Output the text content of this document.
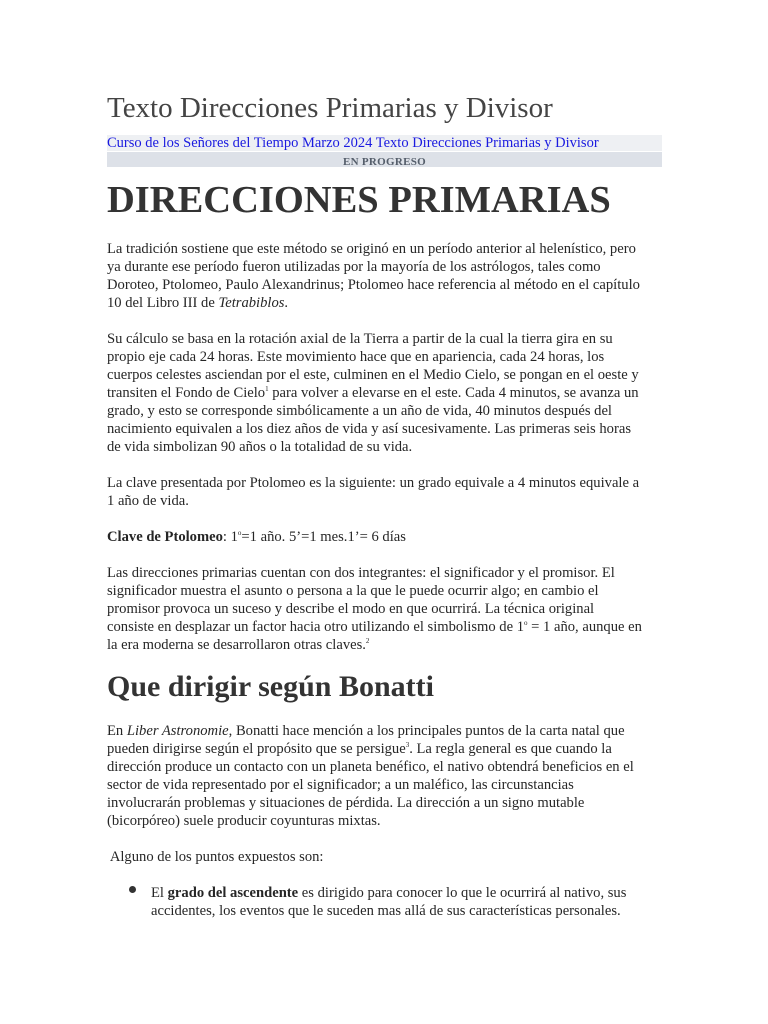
Texto Direcciones Primarias y Divisor
Curso de los Señores del Tiempo Marzo 2024 Texto Direcciones Primarias y Divisor
EN PROGRESO
DIRECCIONES PRIMARIAS
La tradición sostiene que este método se originó en un período anterior al helenístico, pero
ya durante ese período fueron utilizadas por la mayoría de los astrólogos, tales como
Doroteo, Ptolomeo, Paulo Alexandrinus; Ptolomeo hace referencia al método en el capítulo
10 del Libro III de Tetrabiblos.
Su cálculo se basa en la rotación axial de la Tierra a partir de la cual la tierra gira en su
propio eje cada 24 horas. Este movimiento hace que en apariencia, cada 24 horas, los
cuerpos celestes asciendan por el este, culminen en el Medio Cielo, se pongan en el oeste y
transiten el Fondo de Cielo$^1$ para volver a elevarse en el este. Cada 4 minutos, se avanza un
grado, y esto se corresponde simbólicamente a un año de vida, 40 minutos después del
nacimiento equivalen a los diez años de vida y así sucesivamente. Las primeras seis horas
de vida simbolizan 90 años o la totalidad de su vida.
La clave presentada por Ptolomeo es la siguiente: un grado equivale a 4 minutos equivale a
1 año de vida.
Clave de Ptolomeo: $1^o=1$ año. 5’=1 mes.1’= 6 días
Las direcciones primarias cuentan con dos integrantes: el significador y el promisor. El
significador muestra el asunto o persona a la que le puede ocurrir algo; en cambio el
promisor provoca un suceso y describe el modo en que ocurrirá. La técnica original
consiste en desplazar un factor hacia otro utilizando el simbolismo de $1^o = 1$ año, aunque en
la era moderna se desarrollaron otras claves.$^2$
Que dirigir según Bonatti
En Liber Astronomie, Bonatti hace mención a los principales puntos de la carta natal que
pueden dirigirse según el propósito que se persigue$^3$. La regla general es que cuando la
dirección produce un contacto con un planeta benéfico, el nativo obtendrá beneficios en el
sector de vida representado por el significador; a un maléfico, las circunstancias
involucrarán problemas y situaciones de pérdida. La dirección a un signo mutable
(bicorpóreo) suele producir coyunturas mixtas.
Alguno de los puntos expuestos son:
El grado del ascendente es dirigido para conocer lo que le ocurrirá al nativo, sus
accidentes, los eventos que le suceden mas allá de sus características personales.
